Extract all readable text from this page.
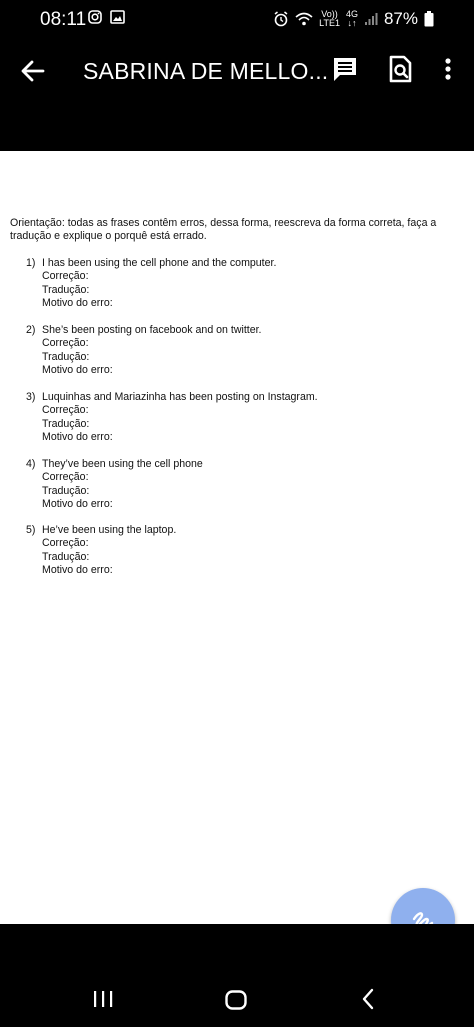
08:11	Vo))
LTE1
4G
↓↑ 87%
SABRINA DE MELLO...
Orientação: todas as frases contêm erros, dessa forma, reescreva da forma correta, faça a
tradução e explique o porquê está errado.
1) I has been using the cell phone and the computer.
Correção:
Tradução:
Motivo do erro:
2) She’s been posting on facebook and on twitter.
Correção:
Tradução:
Motivo do erro:
3) Luquinhas and Mariazinha has been posting on Instagram.
Correção:
Tradução:
Motivo do erro:
4) They’ve been using the cell phone
Correção:
Tradução:
Motivo do erro:
5) He’ve been using the laptop.
Correção:
Tradução:
Motivo do erro:
